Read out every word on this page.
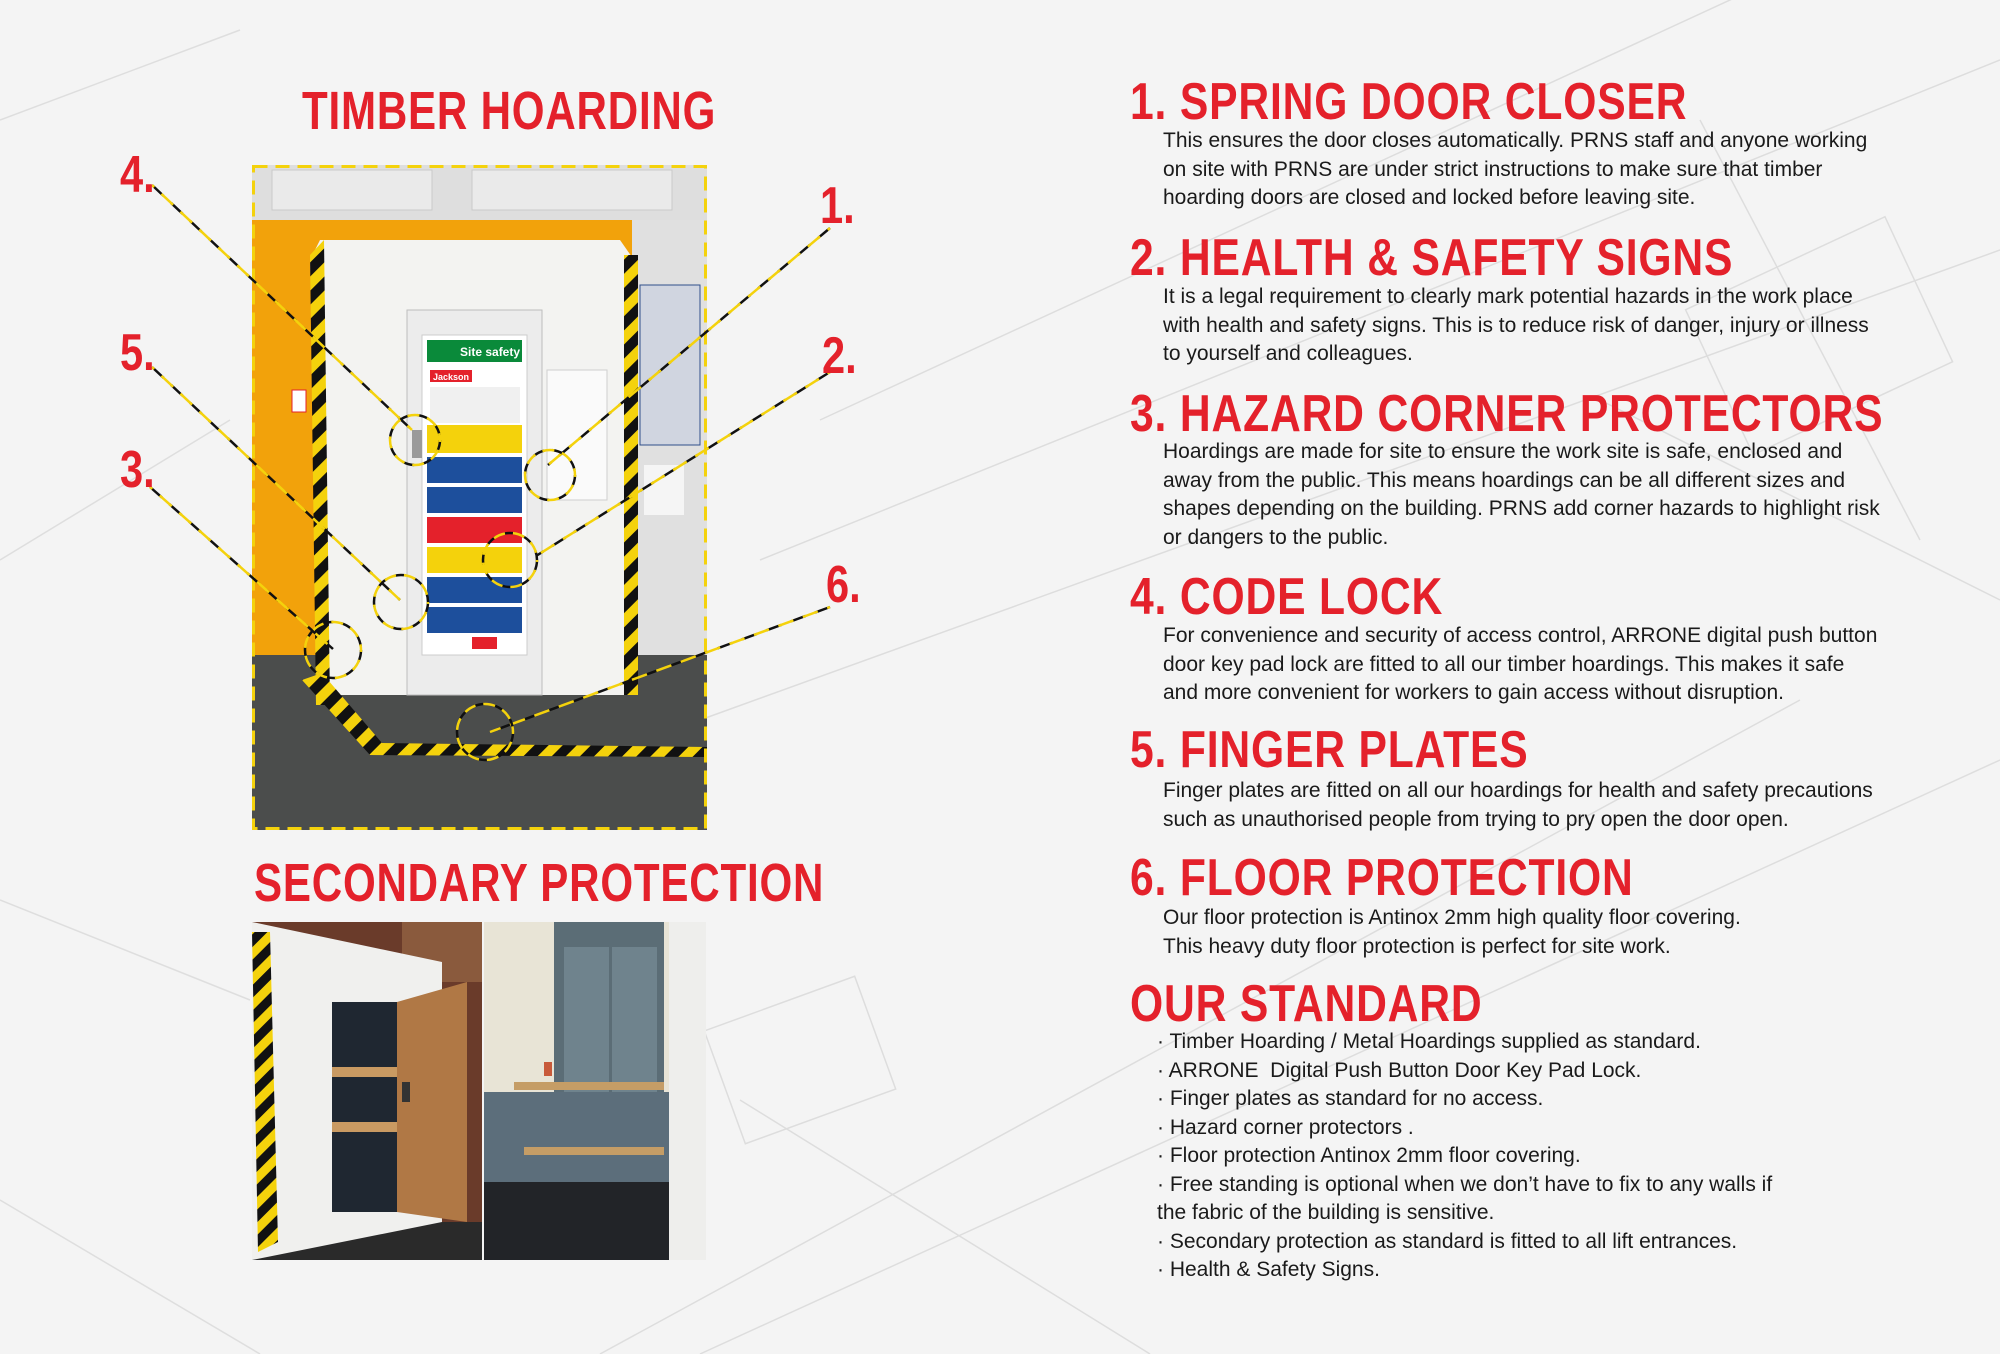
TIMBER HOARDING
Site safety
Jackson
4.
1.
5.	2.
3.
6.
SECONDARY PROTECTION
1. SPRING DOOR CLOSER

This ensures the door closes automatically. PRNS staff and anyone working
on site with PRNS are under strict instructions to make sure that timber
hoarding doors are closed and locked before leaving site.

2. HEALTH & SAFETY SIGNS

It is a legal requirement to clearly mark potential hazards in the work place
with health and safety signs. This is to reduce risk of danger, injury or illness
to yourself and colleagues.

3. HAZARD CORNER PROTECTORS

Hoardings are made for site to ensure the work site is safe, enclosed and
away from the public. This means hoardings can be all different sizes and
shapes depending on the building. PRNS add corner hazards to highlight risk
or dangers to the public.

4. CODE LOCK

For convenience and security of access control, ARRONE digital push button
door key pad lock are fitted to all our timber hoardings. This makes it safe
and more convenient for workers to gain access without disruption.

5. FINGER PLATES

Finger plates are fitted on all our hoardings for health and safety precautions
such as unauthorised people from trying to pry open the door open.

6. FLOOR PROTECTION

Our floor protection is Antinox 2mm high quality floor covering.
This heavy duty floor protection is perfect for site work.

OUR STANDARD
· Timber Hoarding / Metal Hoardings supplied as standard.
· ARRONE  Digital Push Button Door Key Pad Lock.
· Finger plates as standard for no access.
· Hazard corner protectors .
· Floor protection Antinox 2mm floor covering.
· Free standing is optional when we don’t have to fix to any walls if
the fabric of the building is sensitive.
· Secondary protection as standard is fitted to all lift entrances.
· Health & Safety Signs.
